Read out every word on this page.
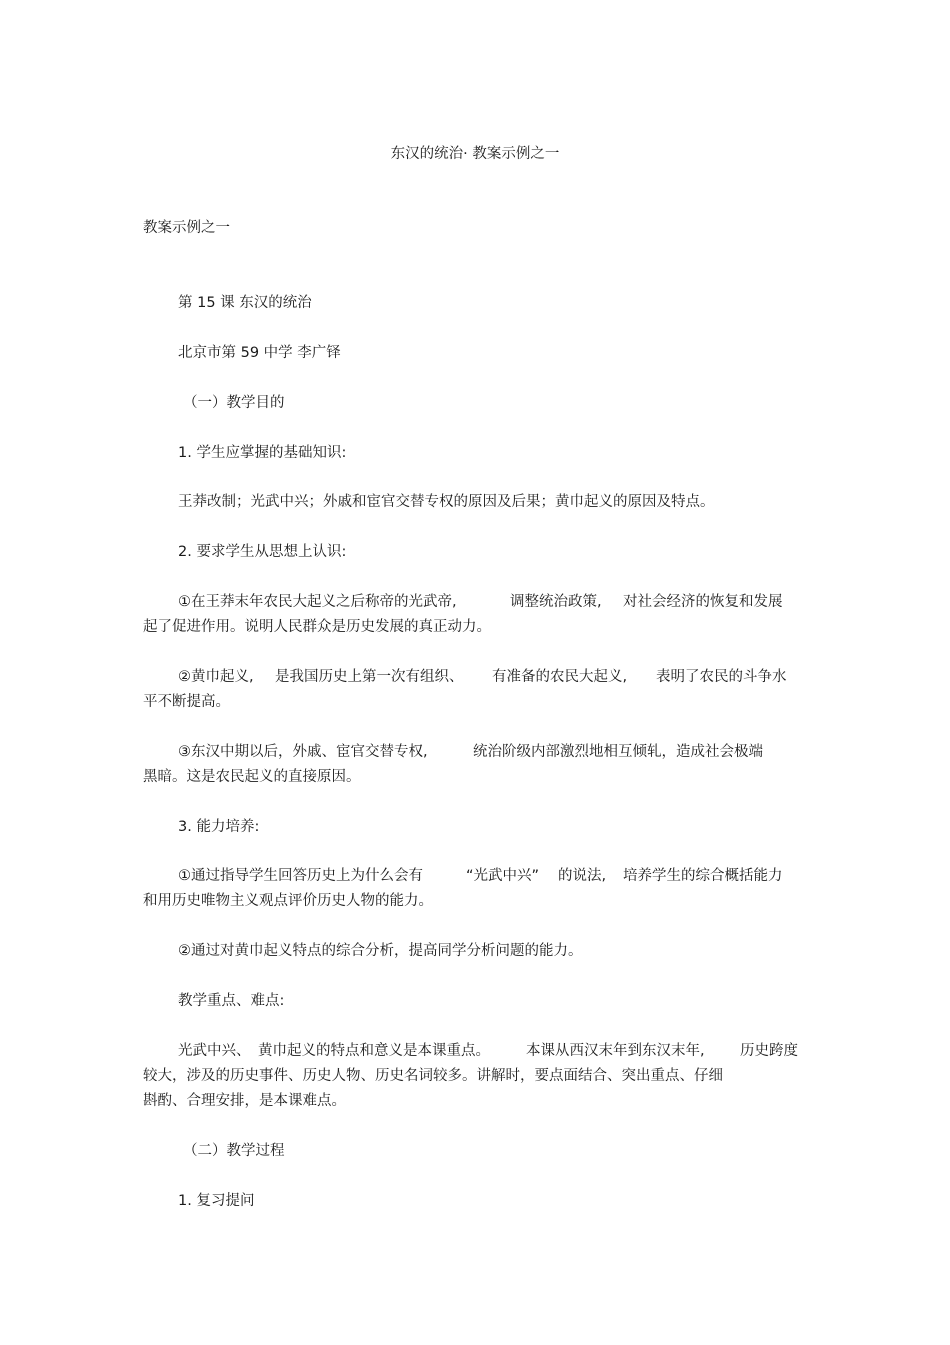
东汉的统治· 教案示例之一
教案示例之一
第 15 课 东汉的统治
北京市第 59 中学 李广铎
（一）教学目的
1. 学生应掌握的基础知识:
王莽改制；光武中兴；外戚和宦官交替专权的原因及后果；黄巾起义的原因及特点。
2. 要求学生从思想上认识:
①在王莽末年农民大起义之后称帝的光武帝,	调整统治政策, 对社会经济的恢复和发展
起了促进作用。说明人民群众是历史发展的真正动力。
②黄巾起义, 是我国历史上第一次有组织、 有准备的农民大起义, 表明了农民的斗争水
平不断提高。
③东汉中期以后，外戚、宦官交替专权,	统治阶级内部激烈地相互倾轧，造成社会极端
黑暗。这是农民起义的直接原因。
3. 能力培养:
①通过指导学生回答历史上为什么会有	“光武中兴” 的说法, 培养学生的综合概括能力
和用历史唯物主义观点评价历史人物的能力。
②通过对黄巾起义特点的综合分析，提高同学分析问题的能力。
教学重点、难点:
光武中兴、 黄巾起义的特点和意义是本课重点。 本课从西汉末年到东汉末年, 历史跨度
较大，涉及的历史事件、历史人物、历史名词较多。讲解时，要点面结合、突出重点、仔细
斟酌、合理安排，是本课难点。
（二）教学过程
1. 复习提问
